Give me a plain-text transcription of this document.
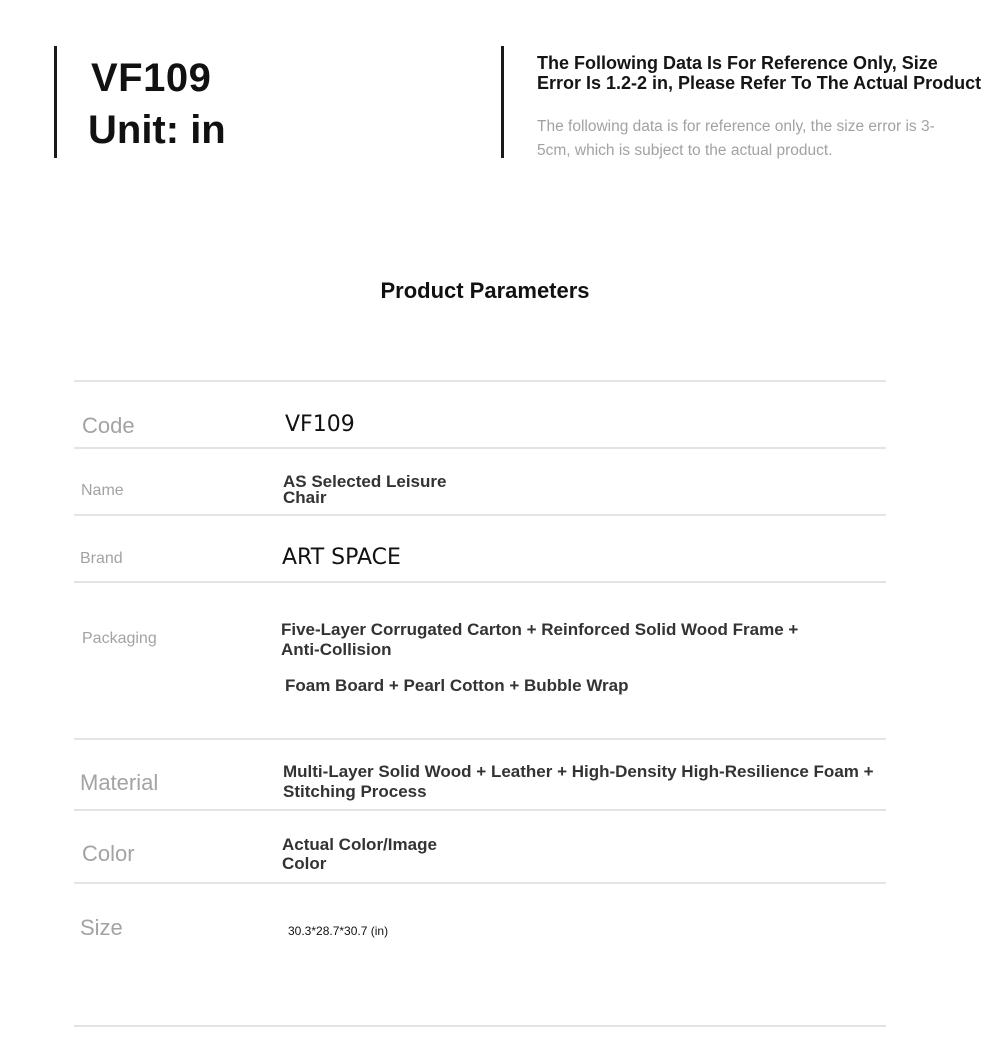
VF109
Unit: in
The Following Data Is For Reference Only, Size Error Is 1.2-2 in, Please Refer To The Actual Product
The following data is for reference only, the size error is 3-5cm, which is subject to the actual product.
Product Parameters
Code	VF109
Name	AS Selected Leisure
Chair
Brand	ART SPACE
Packaging	Five-Layer Corrugated Carton + Reinforced Solid Wood Frame +
Anti-Collision
Foam Board + Pearl Cotton + Bubble Wrap
Material	Multi-Layer Solid Wood + Leather + High-Density High-Resilience Foam +
Stitching Process
Color	Actual Color/Image
Color
Size	30.3*28.7*30.7 (in)
